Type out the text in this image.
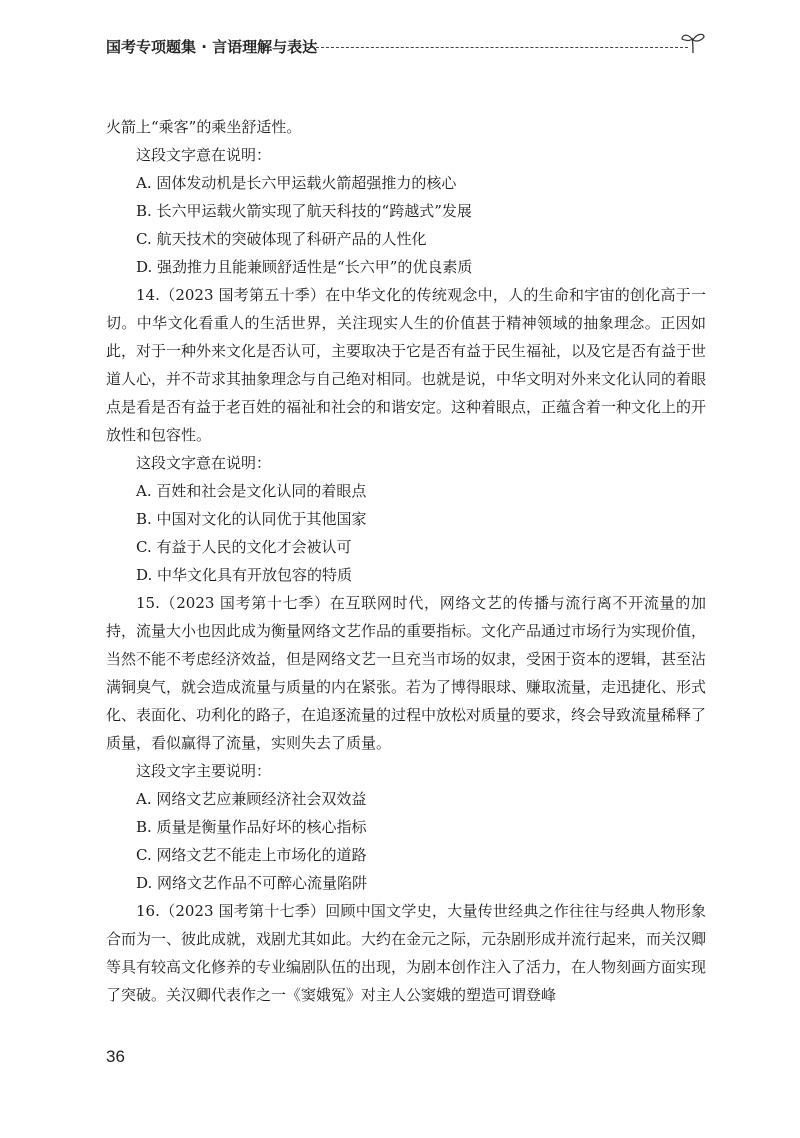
国考专项题集 · 言语理解与表达

火箭上“乘客”的乘坐舒适性。

这段文字意在说明：

A. 固体发动机是长六甲运载火箭超强推力的核心

B. 长六甲运载火箭实现了航天科技的“跨越式”发展

C. 航天技术的突破体现了科研产品的人性化

D. 强劲推力且能兼顾舒适性是“长六甲”的优良素质

14.（2023 国考第五十季）在中华文化的传统观念中，人的生命和宇宙的创化高于一切。中华文化看重人的生活世界，关注现实人生的价值甚于精神领域的抽象理念。正因如此，对于一种外来文化是否认可，主要取决于它是否有益于民生福祉，以及它是否有益于世道人心，并不苛求其抽象理念与自己绝对相同。也就是说，中华文明对外来文化认同的着眼点是看是否有益于老百姓的福祉和社会的和谐安定。这种着眼点，正蕴含着一种文化上的开放性和包容性。

这段文字意在说明：

A. 百姓和社会是文化认同的着眼点

B. 中国对文化的认同优于其他国家

C. 有益于人民的文化才会被认可

D. 中华文化具有开放包容的特质

15.（2023 国考第十七季）在互联网时代，网络文艺的传播与流行离不开流量的加持，流量大小也因此成为衡量网络文艺作品的重要指标。文化产品通过市场行为实现价值，当然不能不考虑经济效益，但是网络文艺一旦充当市场的奴隶，受困于资本的逻辑，甚至沾满铜臭气，就会造成流量与质量的内在紧张。若为了博得眼球、赚取流量，走迅捷化、形式化、表面化、功利化的路子，在追逐流量的过程中放松对质量的要求，终会导致流量稀释了质量，看似赢得了流量，实则失去了质量。

这段文字主要说明：

A. 网络文艺应兼顾经济社会双效益

B. 质量是衡量作品好坏的核心指标

C. 网络文艺不能走上市场化的道路

D. 网络文艺作品不可醉心流量陷阱

16.（2023 国考第十七季）回顾中国文学史，大量传世经典之作往往与经典人物形象合而为一、彼此成就，戏剧尤其如此。大约在金元之际，元杂剧形成并流行起来，而关汉卿等具有较高文化修养的专业编剧队伍的出现，为剧本创作注入了活力，在人物刻画方面实现了突破。关汉卿代表作之一《窦娥冤》对主人公窦娥的塑造可谓登峰

36
